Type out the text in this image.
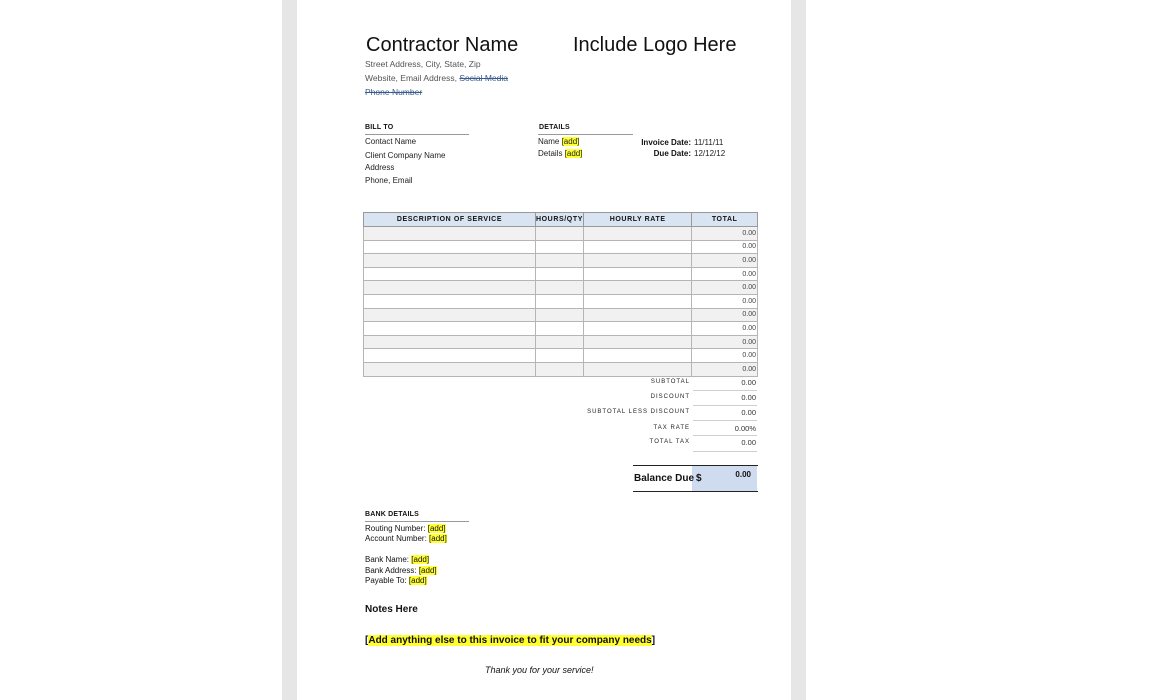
Contractor Name	Include Logo Here
Street Address, City, State, Zip
Website, Email Address, Social Media
Phone Number
BILL TO
Contact Name
Client Company Name
Address
Phone, Email
DETAILS
Name [add]
Details [add]
Invoice Date: 11/11/11
Due Date: 12/12/12
DESCRIPTION OF SERVICE	HOURS/QTY	HOURLY RATE	TOTAL
			0.00
			0.00
			0.00
			0.00
			0.00
			0.00
			0.00
			0.00
			0.00
			0.00
			0.00
SUBTOTAL	0.00
DISCOUNT	0.00
SUBTOTAL LESS DISCOUNT	0.00
TAX RATE	0.00%
TOTAL TAX	0.00
Balance Due $	0.00
BANK DETAILS
Routing Number: [add]
Account Number: [add]
Bank Name: [add]
Bank Address: [add]
Payable To: [add]
Notes Here
[Add anything else to this invoice to fit your company needs]
Thank you for your service!
